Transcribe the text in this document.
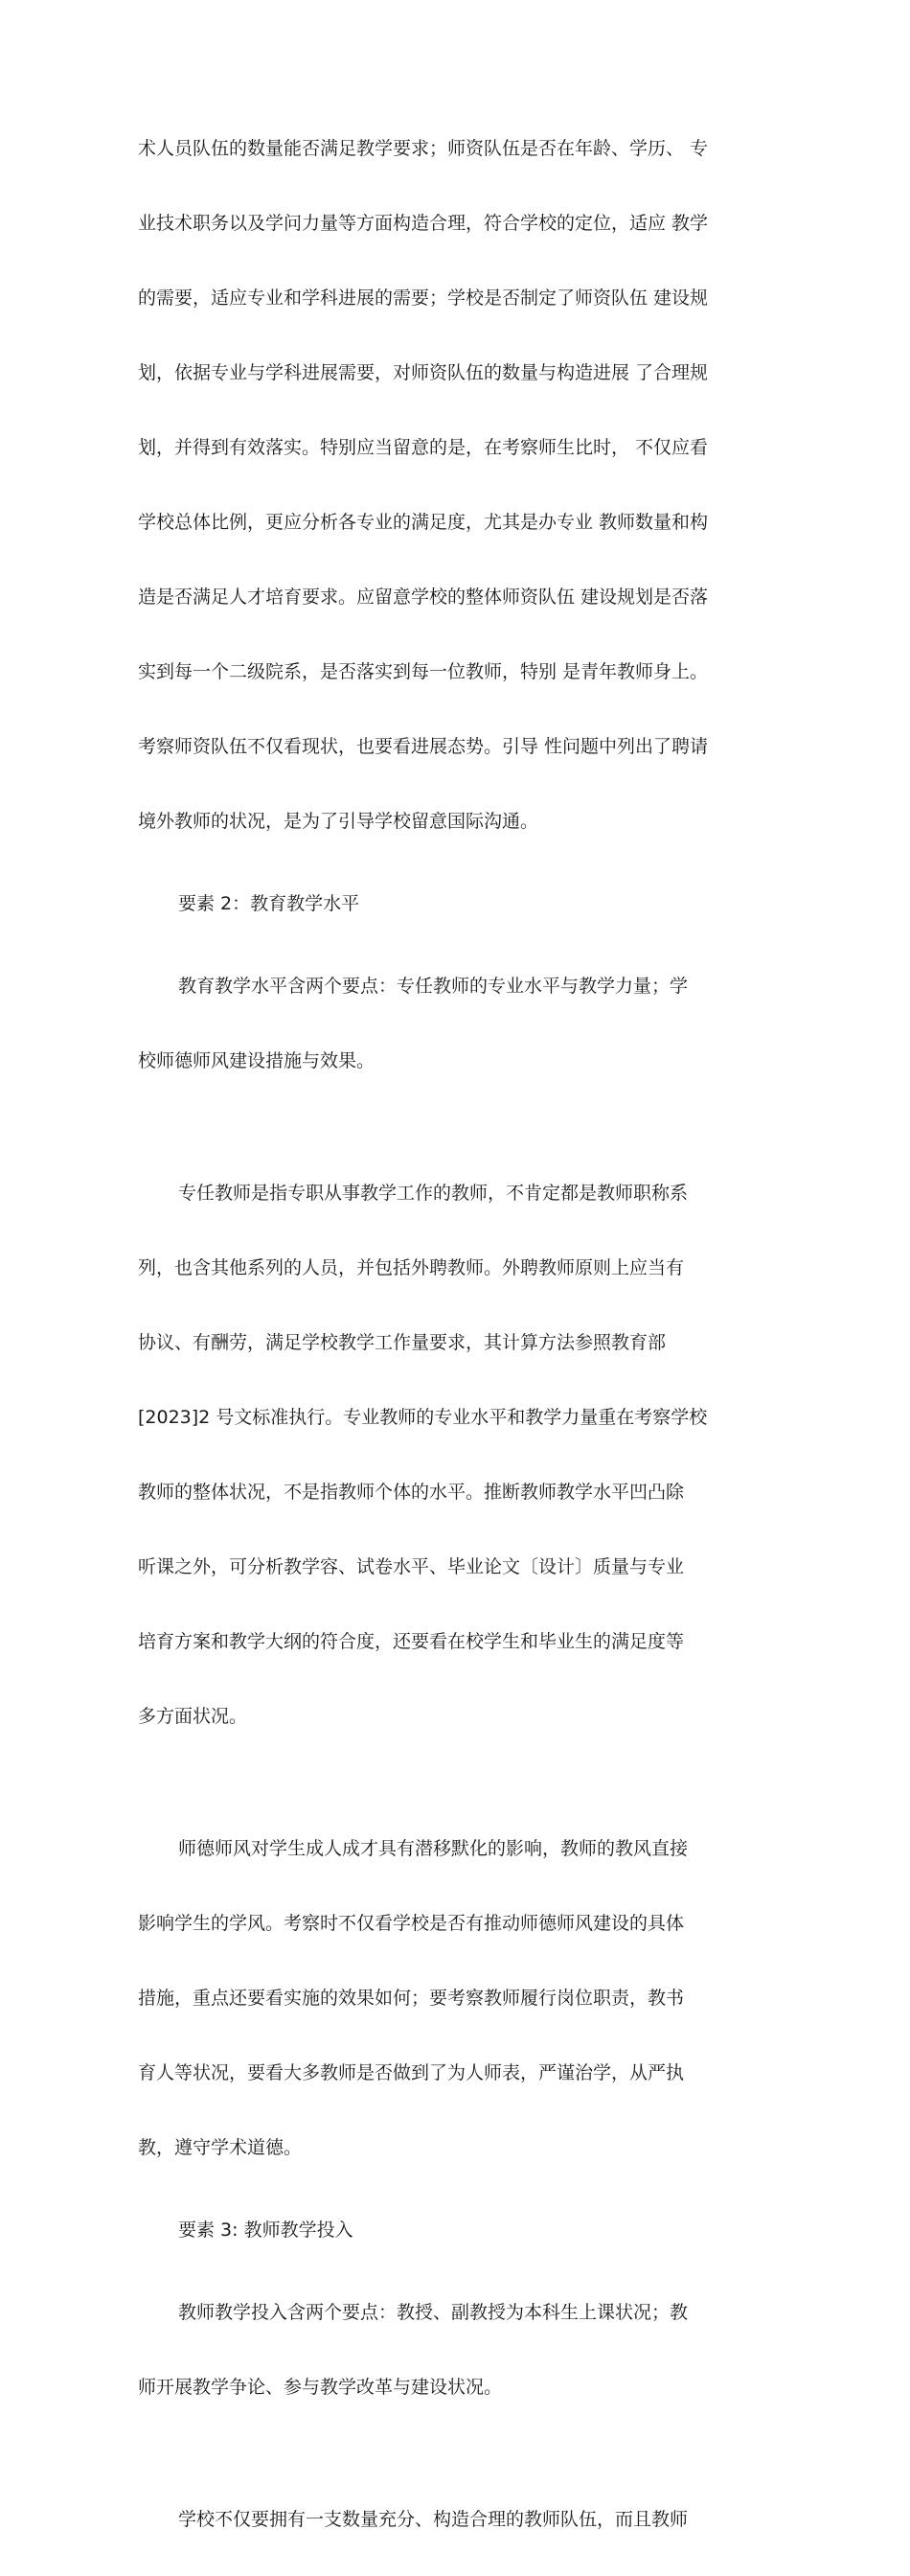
术人员队伍的数量能否满足教学要求；师资队伍是否在年龄、学历、 专

业技术职务以及学问力量等方面构造合理，符合学校的定位，适应 教学

的需要，适应专业和学科进展的需要；学校是否制定了师资队伍 建设规

划，依据专业与学科进展需要，对师资队伍的数量与构造进展 了合理规

划，并得到有效落实。特别应当留意的是，在考察师生比时， 不仅应看

学校总体比例，更应分析各专业的满足度，尤其是办专业 教师数量和构

造是否满足人才培育要求。应留意学校的整体师资队伍 建设规划是否落

实到每一个二级院系，是否落实到每一位教师，特别 是青年教师身上。

考察师资队伍不仅看现状，也要看进展态势。引导 性问题中列出了聘请

境外教师的状况，是为了引导学校留意国际沟通。

要素 2：教育教学水平

教育教学水平含两个要点：专任教师的专业水平与教学力量；学

校师德师风建设措施与效果。

专任教师是指专职从事教学工作的教师，不肯定都是教师职称系

列，也含其他系列的人员，并包括外聘教师。外聘教师原则上应当有

协议、有酬劳，满足学校教学工作量要求，其计算方法参照教育部

[2023]2 号文标准执行。专业教师的专业水平和教学力量重在考察学校

教师的整体状况，不是指教师个体的水平。推断教师教学水平凹凸除

听课之外，可分析教学容、试卷水平、毕业论文〔设计〕质量与专业

培育方案和教学大纲的符合度，还要看在校学生和毕业生的满足度等

多方面状况。

师德师风对学生成人成才具有潜移默化的影响，教师的教风直接

影响学生的学风。考察时不仅看学校是否有推动师德师风建设的具体

措施，重点还要看实施的效果如何；要考察教师履行岗位职责，教书

育人等状况，要看大多教师是否做到了为人师表，严谨治学，从严执

教，遵守学术道德。

要素 3: 教师教学投入

教师教学投入含两个要点：教授、副教授为本科生上课状况；教

师开展教学争论、参与教学改革与建设状况。

学校不仅要拥有一支数量充分、构造合理的教师队伍，而且教师
